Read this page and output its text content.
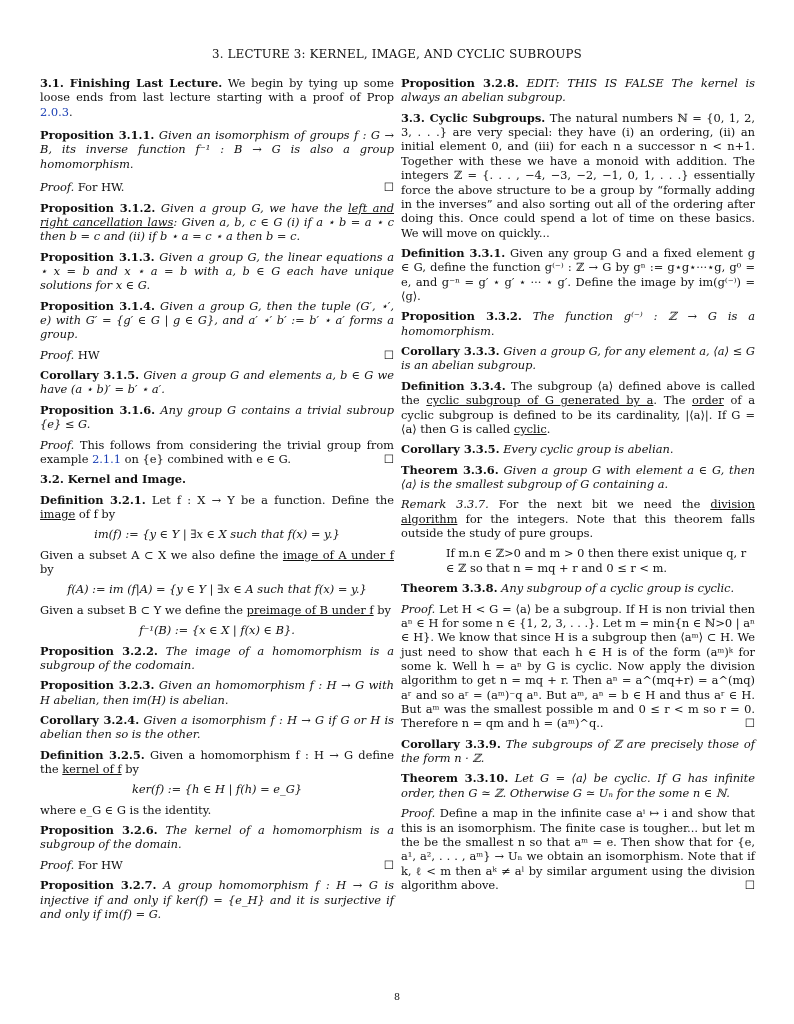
3. LECTURE 3: KERNEL, IMAGE, AND CYCLIC SUBROUPS

3.1. Finishing Last Lecture. We begin by tying up some loose ends from last lecture starting with a proof of Prop 2.0.3.

Proposition 3.1.1. Given an isomorphism of groups f : G → B, its inverse function f⁻¹ : B → G is also a group homomorphism.

Proof. For HW.	☐

Proposition 3.1.2. Given a group G, we have the left and right cancellation laws: Given a, b, c ∈ G (i) if a ⋆ b = a ⋆ c then b = c and (ii) if b ⋆ a = c ⋆ a then b = c.

Proposition 3.1.3. Given a group G, the linear equations a ⋆ x = b and x ⋆ a = b with a, b ∈ G each have unique solutions for x ∈ G.

Proposition 3.1.4. Given a group G, then the tuple (G′, ⋆′, e) with G′ = {g′ ∈ G | g ∈ G}, and a′ ⋆′ b′ := b′ ⋆ a′ forms a group.

Proof. HW	☐

Corollary 3.1.5. Given a group G and elements a, b ∈ G we have (a ⋆ b)′ = b′ ⋆ a′.

Proposition 3.1.6. Any group G contains a trivial subroup {e} ≤ G.

Proof. This follows from considering the trivial group from example 2.1.1 on {e} combined with e ∈ G.	☐

3.2. Kernel and Image.

Definition 3.2.1. Let f : X → Y be a function. Define the image of f by

im(f) := {y ∈ Y | ∃x ∈ X such that f(x) = y.}

Given a subset A ⊂ X we also define the image of A under f by

f(A) := im (f|A) = {y ∈ Y | ∃x ∈ A such that f(x) = y.}

Given a subset B ⊂ Y we define the preimage of B under f by

f⁻¹(B) := {x ∈ X | f(x) ∈ B}.

Proposition 3.2.2. The image of a homomorphism is a subgroup of the codomain.

Proposition 3.2.3. Given an homomorphism f : H → G with H abelian, then im(H) is abelian.

Corollary 3.2.4. Given a isomorphism f : H → G if G or H is abelian then so is the other.

Definition 3.2.5. Given a homomorphism f : H → G define the kernel of f by

ker(f) := {h ∈ H | f(h) = e_G}

where e_G ∈ G is the identity.

Proposition 3.2.6. The kernel of a homomorphism is a subgroup of the domain.

Proof. For HW	☐

Proposition 3.2.7. A group homomorphism f : H → G is injective if and only if ker(f) = {e_H} and it is surjective if and only if im(f) = G.

Proposition 3.2.8. EDIT: THIS IS FALSE The kernel is always an abelian subgroup.

3.3. Cyclic Subgroups. The natural numbers ℕ = {0, 1, 2, 3, . . .} are very special: they have (i) an ordering, (ii) an initial element 0, and (iii) for each n a successor n < n+1. Together with these we have a monoid with addition. The integers ℤ = {. . . , −4, −3, −2, −1, 0, 1, . . .} essentially force the above structure to be a group by “formally adding in the inverses” and also sorting out all of the ordering after doing this. Once could spend a lot of time on these basics. We will move on quickly...

Definition 3.3.1. Given any group G and a fixed element g ∈ G, define the function g⁽⁻⁾ : ℤ → G by gⁿ := g⋆g⋆···⋆g, g⁰ = e, and g⁻ⁿ = g′ ⋆ g′ ⋆ ··· ⋆ g′. Define the image by im(g⁽⁻⁾) = ⟨g⟩.

Proposition 3.3.2. The function g⁽⁻⁾ : ℤ → G is a homomorphism.

Corollary 3.3.3. Given a group G, for any element a, ⟨a⟩ ≤ G is an abelian subgroup.

Definition 3.3.4. The subgroup ⟨a⟩ defined above is called the cyclic subgroup of G generated by a. The order of a cyclic subgroup is defined to be its cardinality, |⟨a⟩|. If G = ⟨a⟩ then G is called cyclic.

Corollary 3.3.5. Every cyclic group is abelian.

Theorem 3.3.6. Given a group G with element a ∈ G, then ⟨a⟩ is the smallest subgroup of G containing a.

Remark 3.3.7. For the next bit we need the division algorithm for the integers. Note that this theorem falls outside the study of pure groups.

If m.n ∈ ℤ>0 and m > 0 then there exist unique q, r ∈ ℤ so that n = mq + r and 0 ≤ r < m.

Theorem 3.3.8. Any subgroup of a cyclic group is cyclic.

Proof. Let H < G = ⟨a⟩ be a subgroup. If H is non trivial then aⁿ ∈ H for some n ∈ {1, 2, 3, . . .}. Let m = min{n ∈ ℕ>0 | aⁿ ∈ H}. We know that since H is a subgroup then ⟨aᵐ⟩ ⊂ H. We just need to show that each h ∈ H is of the form (aᵐ)ᵏ for some k. Well h = aⁿ by G is cyclic. Now apply the division algorithm to get n = mq + r. Then aⁿ = a^(mq+r) = a^(mq) aʳ and so aʳ = (aᵐ)⁻q aⁿ. But aᵐ, aⁿ = b ∈ H and thus aʳ ∈ H. But aᵐ was the smallest possible m and 0 ≤ r < m so r = 0. Therefore n = qm and h = (aᵐ)^q..	☐

Corollary 3.3.9. The subgroups of ℤ are precisely those of the form n · ℤ.

Theorem 3.3.10. Let G = ⟨a⟩ be cyclic. If G has infinite order, then G ≃ ℤ. Otherwise G ≃ Uₙ for the some n ∈ ℕ.

Proof. Define a map in the infinite case aⁱ ↦ i and show that this is an isomorphism. The finite case is tougher... but let m the be the smallest n so that aᵐ = e. Then show that for {e, a¹, a², . . . , aᵐ} → Uₙ we obtain an isomorphism. Note that if k, ℓ < m then aᵏ ≠ aˡ by similar argument using the division algorithm above.	☐

8
